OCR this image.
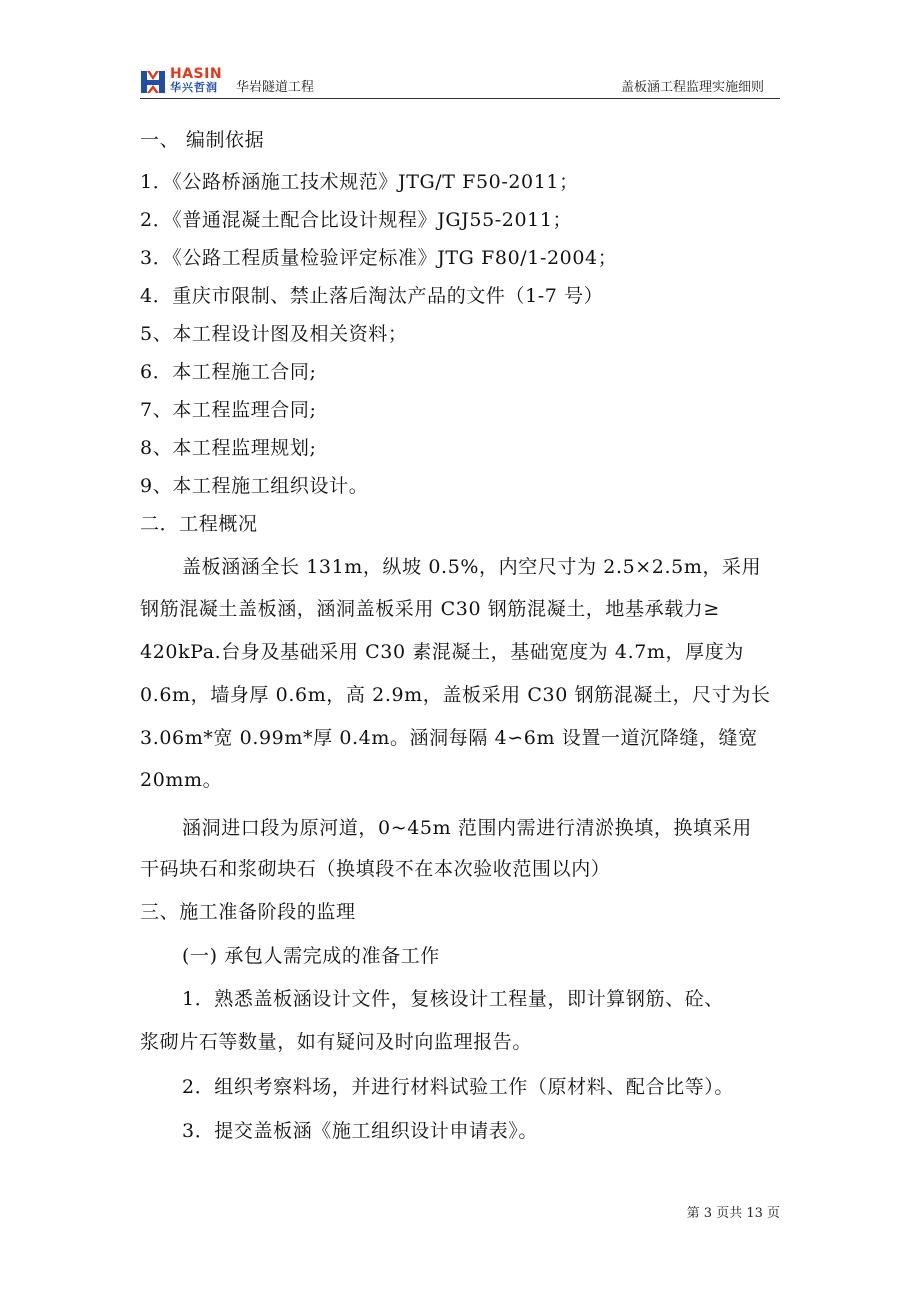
HASIN
华兴哲润 华岩隧道工程	盖板涵工程监理实施细则
一、 编制依据
1．《公路桥涵施工技术规范》JTG/T F50-2011；
2．《普通混凝土配合比设计规程》JGJ55-2011；
3．《公路工程质量检验评定标准》JTG F80/1-2004；
4．重庆市限制、禁止落后淘汰产品的文件（1-7 号）
5、本工程设计图及相关资料；
6．本工程施工合同;
7、本工程监理合同;
8、本工程监理规划;
9、本工程施工组织设计。
二．工程概况
盖板涵涵全长 131m，纵坡 0.5%，内空尺寸为 2.5×2.5m，采用
钢筋混凝土盖板涵，涵洞盖板采用 C30 钢筋混凝土，地基承载力≥
420kPa.台身及基础采用 C30 素混凝土，基础宽度为 4.7m，厚度为
0.6m，墙身厚 0.6m，高 2.9m，盖板采用 C30 钢筋混凝土，尺寸为长
3.06m*宽 0.99m*厚 0.4m。涵洞每隔 4∽6m 设置一道沉降缝，缝宽
20mm。
涵洞进口段为原河道，0~45m 范围内需进行清淤换填，换填采用
干码块石和浆砌块石（换填段不在本次验收范围以内）
三、施工准备阶段的监理
(一) 承包人需完成的准备工作
1．熟悉盖板涵设计文件，复核设计工程量，即计算钢筋、砼、
浆砌片石等数量，如有疑问及时向监理报告。
2．组织考察料场，并进行材料试验工作（原材料、配合比等）。
3．提交盖板涵《施工组织设计申请表》。
第 3 页共 13 页
